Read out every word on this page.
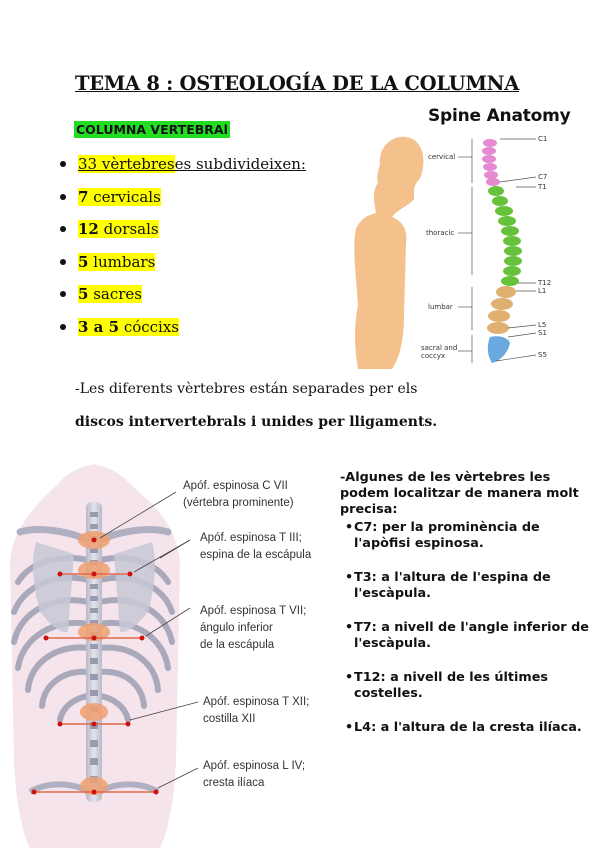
TEMA 8 : OSTEOLOGÍA DE LA COLUMNA
COLUMNA VERTEBRAl
33 vèrtebres es subdivideixen:
7 cervicals
12 dorsals
5 lumbars
5 sacres
3 a 5 cóccixs
-Les diferents vèrtebres están separades per els
discos intervertebrals i unides per lligaments.
Spine Anatomy
cervical
thoracic
lumbar
sacral and
coccyx
C1
C7
T1
T12
L1
L5
S1
S5
Apóf. espinosa C VII
(vértebra prominente)
Apóf. espinosa T III;
espina de la escápula
Apóf. espinosa T VII;
ángulo inferior
de la escápula
Apóf. espinosa T XII;
costilla XII
Apóf. espinosa L IV;
cresta ilíaca
-Algunes de les vèrtebres les podem localitzar de manera molt precisa:
• C7: per la prominència de l'apòfisi espinosa.
• T3: a l'altura de l'espina de l'escàpula.
• T7: a nivell de l'angle inferior de l'escàpula.
• T12: a nivell de les últimes costelles.
• L4: a l'altura de la cresta ilíaca.
